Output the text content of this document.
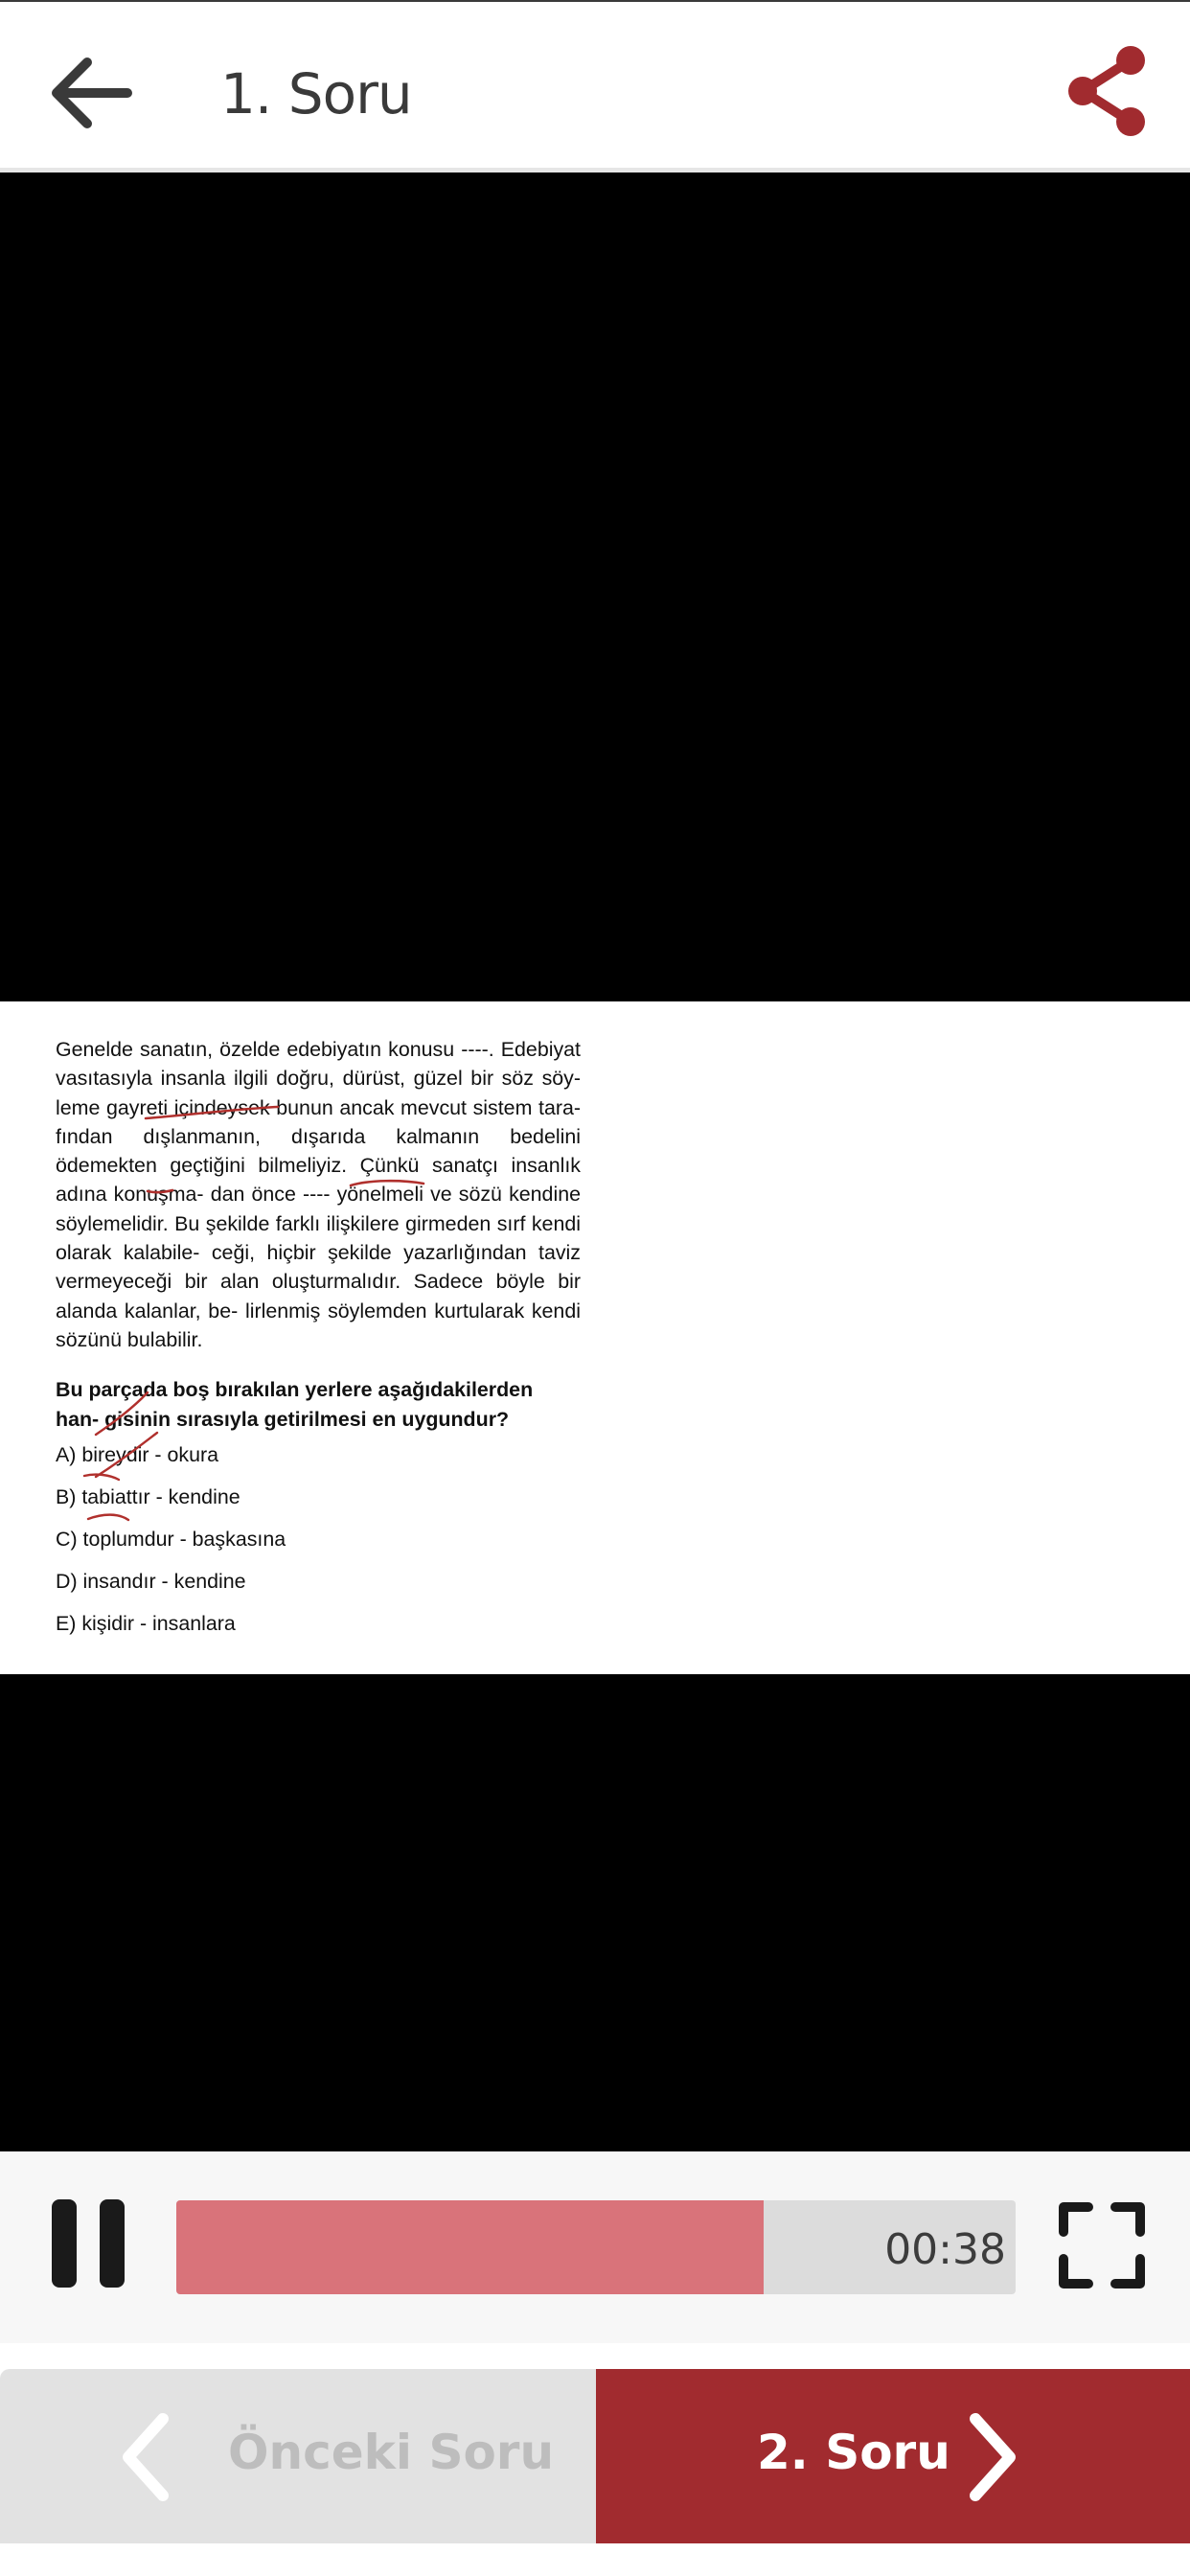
1. Soru
Genelde sanatın, özelde edebiyatın konusu ----. Edebiyat vasıtasıyla insanla ilgili doğru, dürüst, güzel bir söz söy- leme gayreti içindeysek bunun ancak mevcut sistem tara- fından dışlanmanın, dışarıda kalmanın bedelini ödemekten geçtiğini bilmeliyiz. Çünkü sanatçı insanlık adına konuşma- dan önce ---- yönelmeli ve sözü kendine söylemelidir. Bu şekilde farklı ilişkilere girmeden sırf kendi olarak kalabile- ceği, hiçbir şekilde yazarlığından taviz vermeyeceği bir alan oluşturmalıdır. Sadece böyle bir alanda kalanlar, be- lirlenmiş söylemden kurtularak kendi sözünü bulabilir.
Bu parçada boş bırakılan yerlere aşağıdakilerden han- gisinin sırasıyla getirilmesi en uygundur?
A) bireydir - okura
B) tabiattır - kendine
C) toplumdur - başkasına
D) insandır - kendine
E) kişidir - insanlara
00:38
Önceki Soru	2. Soru
